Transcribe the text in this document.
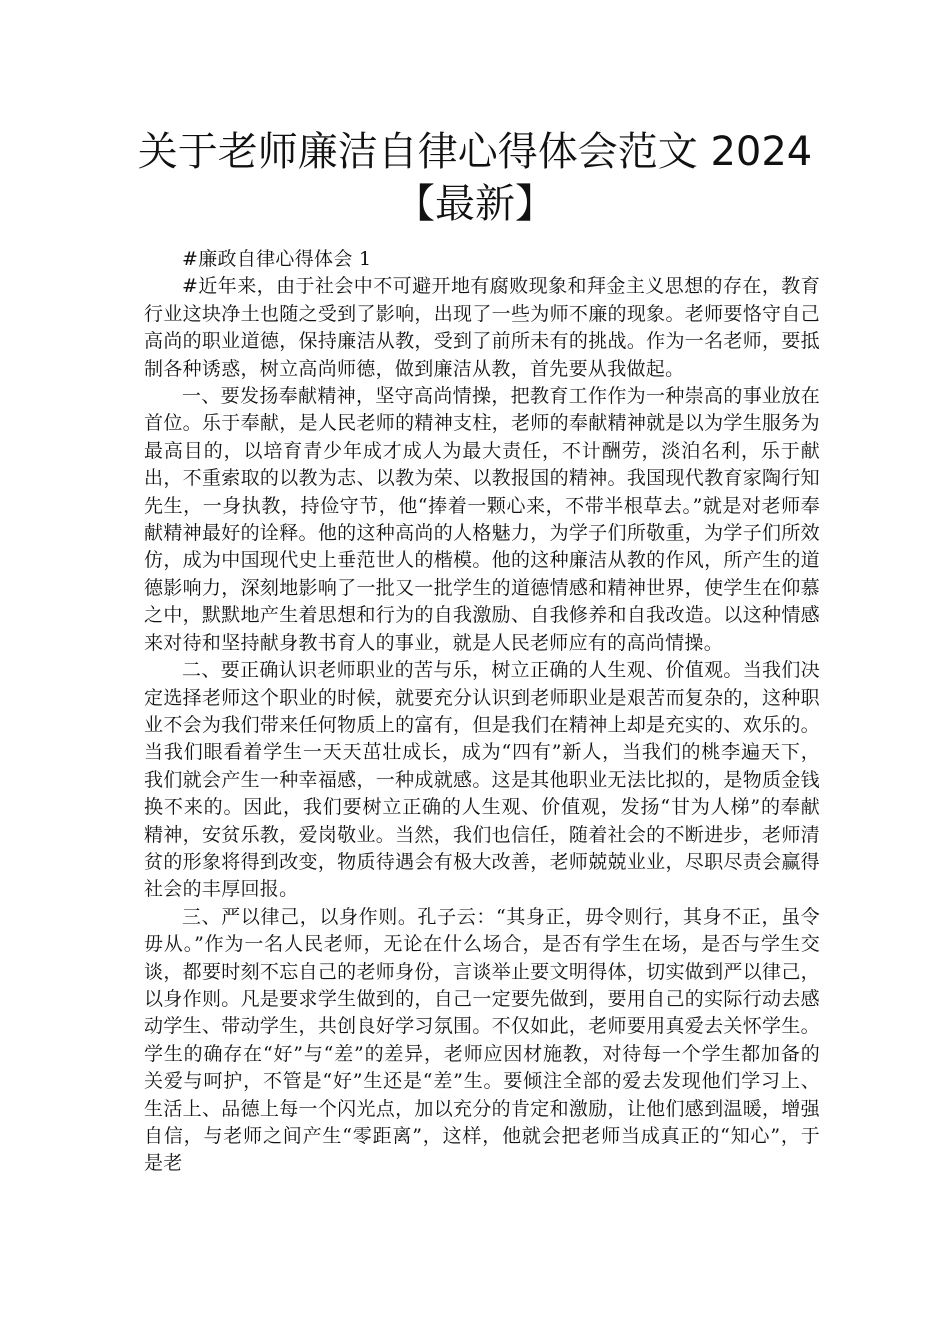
关于老师廉洁自律心得体会范文 2024
【最新】

#廉政自律心得体会 1

#近年来，由于社会中不可避开地有腐败现象和拜金主义思想的存在，教育行业这块净土也随之受到了影响，出现了一些为师不廉的现象。老师要恪守自己高尚的职业道德，保持廉洁从教，受到了前所未有的挑战。作为一名老师，要抵制各种诱惑，树立高尚师德，做到廉洁从教，首先要从我做起。

一、要发扬奉献精神，坚守高尚情操，把教育工作作为一种崇高的事业放在首位。乐于奉献，是人民老师的精神支柱，老师的奉献精神就是以为学生服务为最高目的，以培育青少年成才成人为最大责任，不计酬劳，淡泊名利，乐于献出，不重索取的以教为志、以教为荣、以教报国的精神。我国现代教育家陶行知先生，一身执教，持俭守节，他“捧着一颗心来，不带半根草去。”就是对老师奉献精神最好的诠释。他的这种高尚的人格魅力，为学子们所敬重，为学子们所效仿，成为中国现代史上垂范世人的楷模。他的这种廉洁从教的作风，所产生的道德影响力，深刻地影响了一批又一批学生的道德情感和精神世界，使学生在仰慕之中，默默地产生着思想和行为的自我激励、自我修养和自我改造。以这种情感来对待和坚持献身教书育人的事业，就是人民老师应有的高尚情操。

二、要正确认识老师职业的苦与乐，树立正确的人生观、价值观。当我们决定选择老师这个职业的时候，就要充分认识到老师职业是艰苦而复杂的，这种职业不会为我们带来任何物质上的富有，但是我们在精神上却是充实的、欢乐的。当我们眼看着学生一天天茁壮成长，成为“四有”新人，当我们的桃李遍天下，我们就会产生一种幸福感，一种成就感。这是其他职业无法比拟的，是物质金钱换不来的。因此，我们要树立正确的人生观、价值观，发扬“甘为人梯”的奉献精神，安贫乐教，爱岗敬业。当然，我们也信任，随着社会的不断进步，老师清贫的形象将得到改变，物质待遇会有极大改善，老师兢兢业业，尽职尽责会赢得社会的丰厚回报。

三、严以律己，以身作则。孔子云：“其身正，毋令则行，其身不正，虽令毋从。”作为一名人民老师，无论在什么场合，是否有学生在场，是否与学生交谈，都要时刻不忘自己的老师身份，言谈举止要文明得体，切实做到严以律己，以身作则。凡是要求学生做到的，自己一定要先做到，要用自己的实际行动去感动学生、带动学生，共创良好学习氛围。不仅如此，老师要用真爱去关怀学生。学生的确存在“好”与“差”的差异，老师应因材施教，对待每一个学生都加备的关爱与呵护，不管是“好”生还是“差”生。要倾注全部的爱去发现他们学习上、生活上、品德上每一个闪光点，加以充分的肯定和激励，让他们感到温暖，增强自信，与老师之间产生“零距离”，这样，他就会把老师当成真正的“知心”，于是老
